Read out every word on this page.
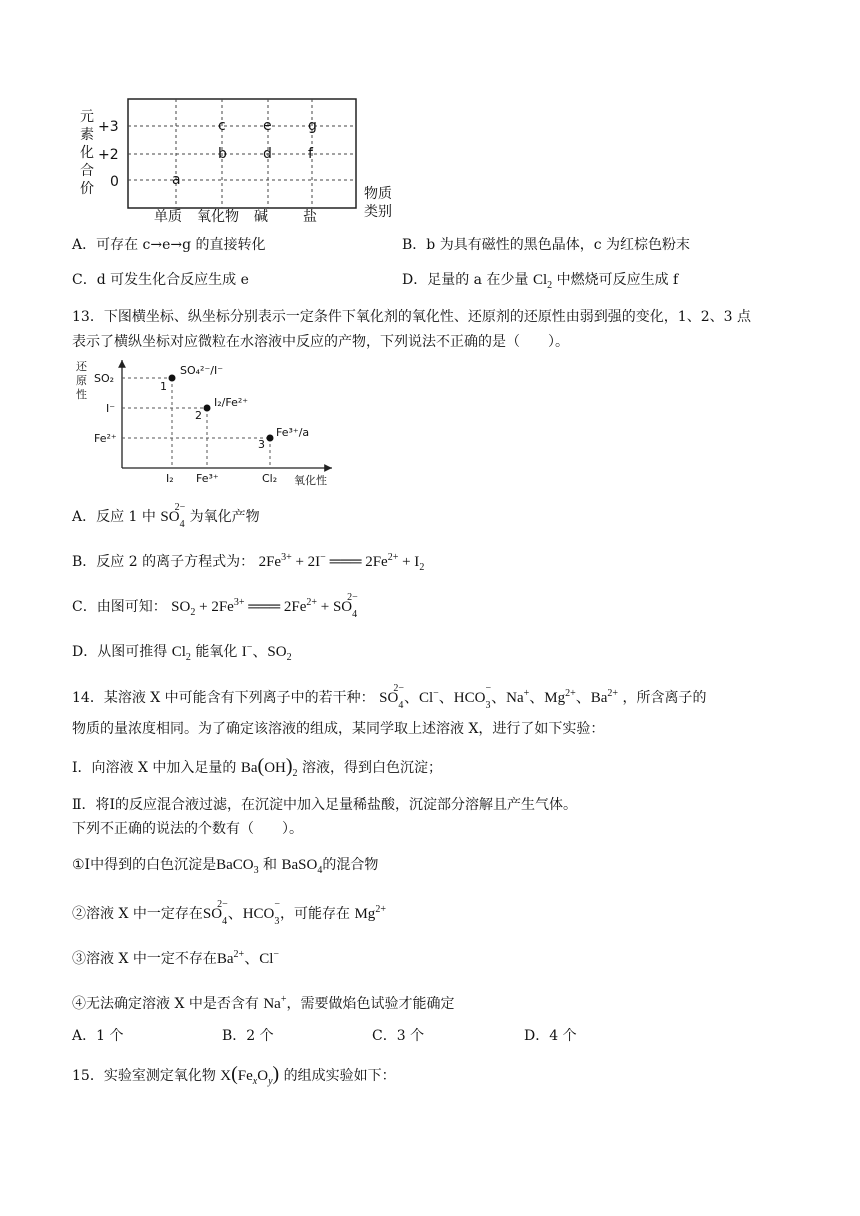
元
素
化
合
价
+3
+2
0
c	e	g
b	d	f
a
单质 氧化物 碱	盐
物质
类别
A．可存在 c→e→g 的直接转化	B．b 为具有磁性的黑色晶体，c 为红棕色粉末
C．d 可发生化合反应生成 e	D．足量的 a 在少量 $Cl_2$ 中燃烧可反应生成 f
13．下图横坐标、纵坐标分别表示一定条件下氧化剂的氧化性、还原剂的还原性由弱到强的变化，1、2、3 点
表示了横纵坐标对应微粒在水溶液中反应的产物，下列说法不正确的是（　　）。
还
原
性
SO₂
I⁻
Fe²⁺
I₂ Fe³⁺	Cl₂ 氧化性
1
2
3
SO₄²⁻/I⁻
I₂/Fe²⁺
Fe³⁺/a
A．反应 1 中 $SO_4^{2-}$ 为氧化产物
B．反应 2 的离子方程式为： $2Fe^{3+} + 2I^-$ ═══ $2Fe^{2+} + I_2$
C．由图可知： $SO_2 + 2Fe^{3+}$ ═══ $2Fe^{2+} + SO_4^{2-}$
D．从图可推得 $Cl_2$ 能氧化 I−、$SO_2$
14．某溶液 X 中可能含有下列离子中的若干种： $SO_4^{2-}$、Cl−、$HCO_3^-$、Na+、$Mg^{2+}$、$Ba^{2+}$ ，所含离子的
物质的量浓度相同。为了确定该溶液的组成，某同学取上述溶液 X，进行了如下实验：
Ⅰ．向溶液 X 中加入足量的 $Ba(OH)_2$ 溶液，得到白色沉淀；
Ⅱ．将Ⅰ的反应混合液过滤，在沉淀中加入足量稀盐酸，沉淀部分溶解且产生气体。
下列不正确的说法的个数有（　　）。
①Ⅰ中得到的白色沉淀是BaCO$_3$ 和 BaSO$_4$的混合物
②溶液 X 中一定存在$SO_4^{2-}$、$HCO_3^-$，可能存在 $Mg^{2+}$
③溶液 X 中一定不存在$Ba^{2+}$、Cl−
④无法确定溶液 X 中是否含有 Na+，需要做焰色试验才能确定
A．1 个	B．2 个	C．3 个	D．4 个
15．实验室测定氧化物 $X(Fe_xO_y)$ 的组成实验如下：
